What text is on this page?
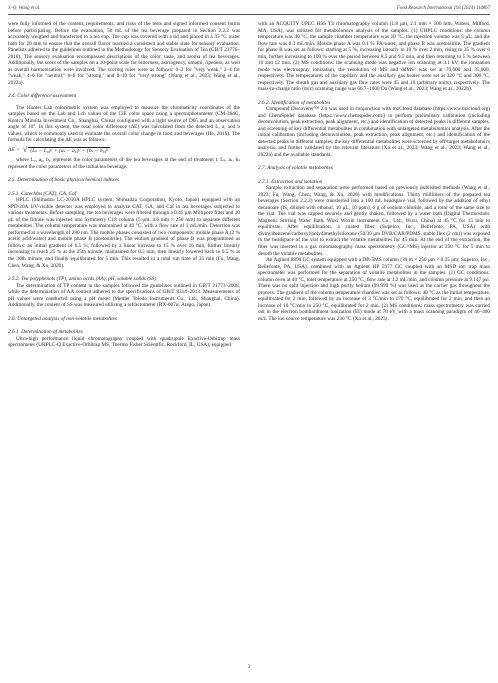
J.-Q. Wang et al.	Food Research International 193 (2024) 114867

were fully informed of the content, requirements, and risks of the tests and signed informed consent forms before participating. Before the evaluation, 50 mL of the tea beverage prepared in Section 2.2.2 was accurately weighed and transferred to a tea cup. The cup was covered with a lid and placed in a 35 °C water bath for 20 min to ensure that the overall flavor reached a consistent and stable state for sensory evaluation. Panelists adhered to the guidelines outlined in the Methodology for Sensory Evaluation of Tea (GB/T 23776–2018). The sensory evaluation encompassed descriptions of the color, taste, and aroma of tea beverages. Additionally, the score of the samples on a 10-point scale for bitterness, astringency, umami, ripeness, as well as overall harmonization were involved. The scoring rules were as follows: 0–2 for "very weak," 2–4 for "weak," 4–6 for "neutral," 6–8 for "strong," and 8–10 for "very strong" (Wang et al., 2023; Wang et al., 2022a).

2.4. Color difference assessment

The Hunter Lab colorimetric system was employed to measure the chromaticity coordinates of the samples based on the Lab and Lch values of the CIE color space using a spectrophotometer (CM-36dG, Konica Minolta Investment Co., Shanghai, China) configured with a light source of D65 and an observation angle of 10°. In this system, the total color difference (ΔE) was calculated from the detected L, a, and b values, which is commonly used to evaluate the overall color change in food and beverages (He, 2016). The formula for calculating the ΔE was as follows:

ΔE = √ (Lₛ − L₀)² + (aₛ − a₀)² + (bₛ − b₀)²

where L₀, a₀, b₀ represent the color parameters of the tea beverages at the end of treatment t, Lₛ, aₛ, bₛ represent the color parameters of the initial tea beverage.

2.5. Determination of basic physicochemical indexes

2.5.1. Catechins (CAT), GA, Caf

HPLC (Shimadzu LC-2010A HPLC system, Shimadzu Corporation, Kyoto, Japan) equipped with an SPD-20A UV-visible detector was employed to analyze CAT, GA, and Caf in tea beverages subjected to various treatments. Before sampling, the tea beverages were filtered through a 0.45 μm Millipore filter and 10 μL of the filtrate was injected into Symmetry C18 column (5 μm, 4.6 mm × 250 mm) to separate different metabolites. The column temperature was maintained at 40 °C, with a flow rate of 1 mL/min. Detection was performed at a wavelength of 280 nm. The mobile phases consisted of two components: mobile phase A (2 % acetic acid/water) and mobile phase B (acetonitrile). The elution gradient of phase B was programmed as follows: an initial gradient of 6.5 %, followed by a linear increase to 15 % over 16 min, further linearly increasing to reach 25 % at the 25th minute, maintained for 0.5 min, then linearly lowered back to 6.5 % at the 30th minute, and finally equilibrated for 5 min. This resulted in a total run time of 35 min (Fu, Wang, Chen, Wang, & Xu, 2020).

2.5.2. Tea polyphenols (TP), amino acids (AA), pH, soluble solids (SS)

The determination of TP content in the samples followed the guidelines outlined in GB/T 21773–2008, while the determination of AA content adhered to the specifications of GB/T 8314–2013. Measurements of pH values were conducted using a pH meter (Mettler Toledo Instruments Co., Ltd., Shanghai, China). Additionally, the content of SS was measured utilizing a refractometer (RX-007α, Atago, Japan).

2.6. Untargeted analysis of non-volatile metabolites

2.6.1. Determination of metabolites

Ultra-high performance liquid chromatography coupled with quadrupole Exactive-Orbitrap mass spectrometer (UHPLC-Q Exactive-Orbitrap MS, Thermo Fisher Scientific, Rockford, IL, USA), equipped

with an ACQUITY UPLC HSS T3 chromatography column (1.8 μm, 2.1 mm × 100 mm, Waters, Milford, MA, USA), was utilized for metabolomics analysis of the samples. (1) UHPLC conditions: the column temperature was 40 °C, the sample chamber temperature was 10 °C, the injection volume was 5 μL, and the flow rate was 0.3 mL/min. Mobile phase A was 0.1 % FA/water, and phase B was acetonitrile. The gradient for phase B was set as follows: starting at 5 %, increasing linearly to 10 % over 2 min, rising to 35 % over 6 min, further increasing to 100 % over the period between 8.5 and 9.5 min, and then returning to 5 % between 10 and 12 min. (2) MS conditions: the scanning mode was negative ion scanning at 3.1 kV, the ionization mode was electrospray ionization, the resolution of MS and ddMS² was set at 70,000 and 35,000, respectively. The temperatures of the capillary and the auxiliary gas heater were set at 320 °C and 300 °C, respectively. The sheath gas and auxiliary gas flow rates were 45 and 10 (arbitrary units), respectively. The mass-to-charge ratio (m/z) scanning range was 66.7–1000 Da (Wang et al., 2023; Wang et al., 2022b).

2.6.2. Identification of metabolites

Compound Discoverer™ 2.0 was used in conjunction with mzCloud database (https://www.mzcloud.org) and ChemSpider database (https://www.chemspider.com/) to perform preliminary calibration (including deconvolution, peak extraction, peak alignment, etc.) and identification of detected peaks in different samples, and screening of key differential metabolites in combination with untargeted metabolomics analysis. After the initial calibration (including deconvolution, peak extraction, peak alignment, etc.) and identification of the detected peaks in different samples, the key differential metabolites were screened by off-target metabolomics analysis, and further validated by the relevant literature (Xu et al., 2023; Wang et al., 2023; Wang et al., 2022a) and the available standards.

2.7. Analysis of volatile metabolites

2.7.1. Extraction and isolation

Sample extraction and separation were performed based on previously published methods (Wang et al., 2023; Fu, Wang, Chen, Wang, & Xu, 2020) with modifications. Thirty milliliters of the prepared tea beverages (Section 2.2.2) were transferred into a 100 mL headspace vial, followed by the addition of ethyl decanoate (IS, diluted with ethanol, 10 μL, 10 ppm), 6 g of sodium chloride, and a rotor of the same size to the vial. The vial was capped securely and gently shaken, followed by a water bath (Digital Thermostatic Magnetic Stirring Water Bath, Wuxi Woxin Instrument Co., Ltd., Wuxi, China) at 45 °C for 15 min to equilibrate. After equilibration, a coated fiber (Supelco, Inc., Bellefonte, PA, USA) with divinylbenzene/carboxyl/polydimethylsiloxane (50/30 μm DVB/CAR/PDMS, stable flex (2 cm)) was exposed in the headspace of the vial to extract the volatile metabolites for 45 min. At the end of the extraction, the fiber was inserted in a gas chromatography mass spectrometry (GC×MS) injector at 250 °C for 5 min to desorb the volatile metabolites.

An Agilent 8890 GC system equipped with a DB-5MS column (30 m × 250 μm × 0.25 μm; Supelco, Inc., Bellefonte, PA, USA), combined with an Agilent HP 5977 GC coupled with an MSD ion trap mass spectrometer was performed for the separation of volatile metabolites in the samples. (1) GC conditions: column oven at 40 °C, inlet temperature at 250 °C, flow rate at 1.2 mL/min, and column pressure at 9.147 psi. There was no split injection and high purity helium (99.999 %) was used as the carrier gas throughout the process. The gradient of the column temperature chamber was set as follows: 40 °C as the initial temperature, equilibrated for 2 min, followed by an increase of 3 °C/min to 170 °C, equilibrated for 2 min, and then an increase of 10 °C/min to 250 °C, equilibrated for 2 min. (2) MS conditions: mass spectrometry was carried out in the electron bombardment ionization (EI) mode at 70 eV, with a mass scanning paradigm of 40–400 m/z. The ion source temperature was 230 °C (Xu et al., 2023).

3
